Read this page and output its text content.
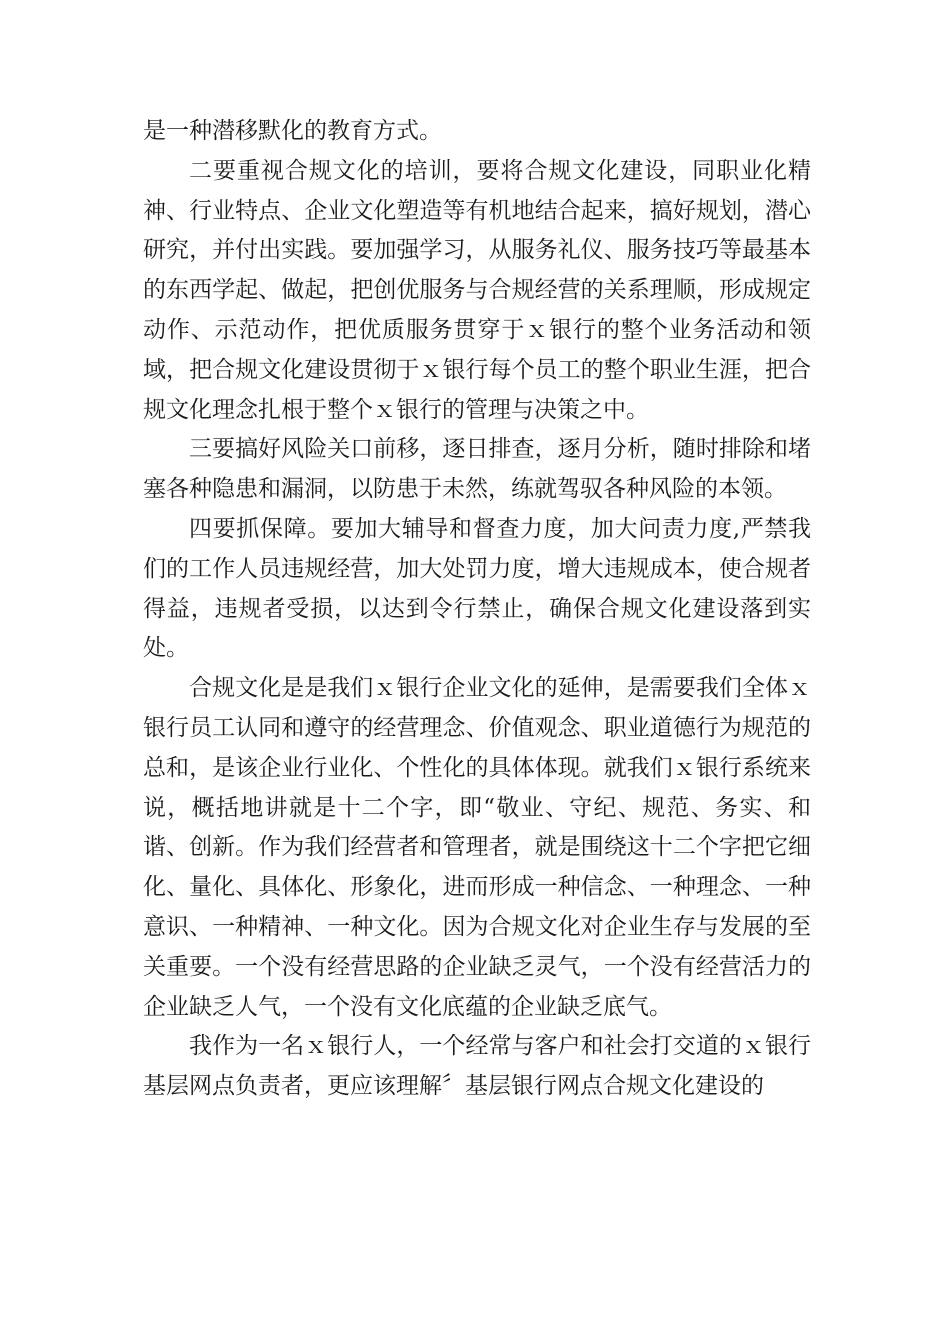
是一种潜移默化的教育方式。

二要重视合规文化的培训，要将合规文化建设，同职业化精神、行业特点、企业文化塑造等有机地结合起来，搞好规划，潜心研究，并付出实践。要加强学习，从服务礼仪、服务技巧等最基本的东西学起、做起，把创优服务与合规经营的关系理顺，形成规定动作、示范动作，把优质服务贯穿于ｘ银行的整个业务活动和领域，把合规文化建设贯彻于ｘ银行每个员工的整个职业生涯，把合规文化理念扎根于整个ｘ银行的管理与决策之中。

三要搞好风险关口前移，逐日排查，逐月分析，随时排除和堵塞各种隐患和漏洞，以防患于未然，练就驾驭各种风险的本领。

四要抓保障。要加大辅导和督查力度，加大问责力度,严禁我们的工作人员违规经营，加大处罚力度，增大违规成本，使合规者得益，违规者受损，以达到令行禁止，确保合规文化建设落到实处。

合规文化是是我们ｘ银行企业文化的延伸，是需要我们全体ｘ银行员工认同和遵守的经营理念、价值观念、职业道德行为规范的总和，是该企业行业化、个性化的具体体现。就我们ｘ银行系统来说，概括地讲就是十二个字，即“敬业、守纪、规范、务实、和谐、创新。作为我们经营者和管理者，就是围绕这十二个字把它细化、量化、具体化、形象化，进而形成一种信念、一种理念、一种意识、一种精神、一种文化。因为合规文化对企业生存与发展的至关重要。一个没有经营思路的企业缺乏灵气，一个没有经营活力的企业缺乏人气，一个没有文化底蕴的企业缺乏底气。

我作为一名ｘ银行人，一个经常与客户和社会打交道的ｘ银行基层网点负责者，更应该理解〞基层银行网点合规文化建设的
